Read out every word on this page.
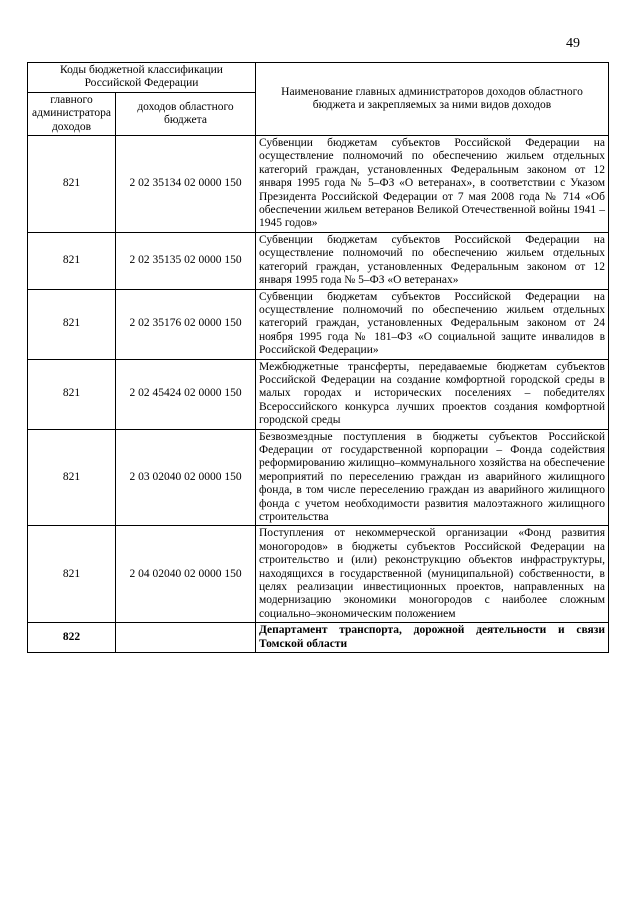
49
Коды бюджетной классификации Российской Федерации		Наименование главных администраторов доходов областного бюджета и закрепляемых за ними видов доходов
главного администратора доходов	доходов областного бюджета	
821	2 02 35134 02 0000 150	Субвенции бюджетам субъектов Российской Федерации на осуществление полномочий по обеспечению жильем отдельных категорий граждан, установленных Федеральным законом от 12 января 1995 года № 5–ФЗ «О ветеранах», в соответствии с Указом Президента Российской Федерации от 7 мая 2008 года № 714 «Об обеспечении жильем ветеранов Великой Отечественной войны 1941 – 1945 годов»
821	2 02 35135 02 0000 150	Субвенции бюджетам субъектов Российской Федерации на осуществление полномочий по обеспечению жильем отдельных категорий граждан, установленных Федеральным законом от 12 января 1995 года № 5–ФЗ «О ветеранах»
821	2 02 35176 02 0000 150	Субвенции бюджетам субъектов Российской Федерации на осуществление полномочий по обеспечению жильем отдельных категорий граждан, установленных Федеральным законом от 24 ноября 1995 года № 181–ФЗ «О социальной защите инвалидов в Российской Федерации»
821	2 02 45424 02 0000 150	Межбюджетные трансферты, передаваемые бюджетам субъектов Российской Федерации на создание комфортной городской среды в малых городах и исторических поселениях – победителях Всероссийского конкурса лучших проектов создания комфортной городской среды
821	2 03 02040 02 0000 150	Безвозмездные поступления в бюджеты субъектов Российской Федерации от государственной корпорации – Фонда содействия реформированию жилищно–коммунального хозяйства на обеспечение мероприятий по переселению граждан из аварийного жилищного фонда, в том числе переселению граждан из аварийного жилищного фонда с учетом необходимости развития малоэтажного жилищного строительства
821	2 04 02040 02 0000 150	Поступления от некоммерческой организации «Фонд развития моногородов» в бюджеты субъектов Российской Федерации на строительство и (или) реконструкцию объектов инфраструктуры, находящихся в государственной (муниципальной) собственности, в целях реализации инвестиционных проектов, направленных на модернизацию экономики моногородов с наиболее сложным социально–экономическим положением
822		Департамент транспорта, дорожной деятельности и связи Томской области
